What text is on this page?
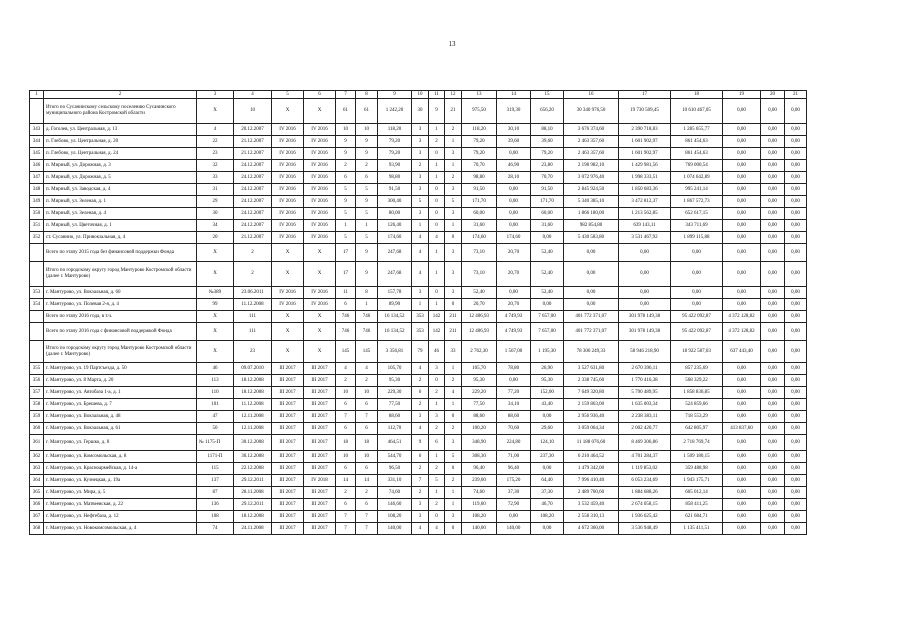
13
1	2	3	4	5	6	7	8	9	10	11	12	13	14	15	16	17	18	19	20	21
	Итого по Сусанинскому сельскому поселению Сусанинского муниципального района Костромской области	X	10	X	X	61	61	1 242,20	30	9	21	975,50	319,30	656,20	30 340 976,50	19 730 509,45	10 610 467,05	0,00	0,00	0,00
343	д. Гоголев, ул. Центральная, д. 13	4	20.12.2007	IV 2016	IV 2016	10	10	118,20	3	1	2	118,20	30,10	88,10	3 676 374,60	2 390 718,83	1 285 655,77	0,00	0,00	0,00
344	п. Глебово, ул. Центральная, д. 20	22	21.12.2007	IV 2016	IV 2016	9	9	79,20	3	2	1	79,20	39,60	39,60	2 463 357,60	1 601 902,97	861 454,63	0,00	0,00	0,00
345	п. Глебово, ул. Центральная, д. 24	23	21.12.2007	IV 2016	IV 2016	9	9	79,20	3	0	3	79,20	0,00	79,20	2 463 357,60	1 601 902,97	861 454,63	0,00	0,00	0,00
346	п. Мирный, ул. Дорожная, д. 3	32	24.12.2007	IV 2016	IV 2016	2	2	93,90	2	1	1	70,70	46,90	23,80	2 198 982,10	1 429 981,56	769 000,54	0,00	0,00	0,00
347	п. Мирный, ул. Дорожная, д. 5	33	24.12.2007	IV 2016	IV 2016	6	6	98,80	3	1	2	98,80	28,10	70,70	3 072 976,40	1 998 333,51	1 074 642,89	0,00	0,00	0,00
348	п. Мирный, ул. Заводская, д. 4	31	24.12.2007	IV 2016	IV 2016	5	5	91,50	3	0	3	91,50	0,00	91,50	2 845 924,50	1 850 683,36	995 241,14	0,00	0,00	0,00
349	п. Мирный, ул. Зеленая, д. 1	29	24.12.2007	IV 2016	IV 2016	9	9	300,40	5	0	5	171,70	0,00	171,70	5 340 385,10	3 472 812,37	1 867 572,73	0,00	0,00	0,00
350	п. Мирный, ул. Зеленая, д. 4	30	24.12.2007	IV 2016	IV 2016	5	5	80,00	3	0	3	60,00	0,00	60,00	1 866 180,00	1 213 562,85	652 617,15	0,00	0,00	0,00
351	п. Мирный, ул. Цветочная, д. 1	34	24.12.2007	IV 2016	IV 2016	1	1	126,40	1	0	1	31,60	0,00	31,60	982 854,80	639 143,11	343 711,69	0,00	0,00	0,00
352	ст. Сусанино, ул. Привокзальная, д. 4	20	21.12.2007	IV 2016	IV 2016	5	5	174,60	4	4	0	174,60	174,60	0,00	5 430 583,80	3 531 467,92	1 899 115,88	0,00	0,00	0,00
	Всего по этапу 2015 года без финансовой поддержки Фонда	X	2	X	X	17	9	247,68	4	1	3	73,10	20,70	52,40	0,00	0,00	0,00	0,00	0,00	0,00
	Итого по городскому округу город Мантурово Костромской области (далее г. Мантурово)	X	2	X	X	17	9	247,68	4	1	3	73,10	20,70	52,40	0,00	0,00	0,00	0,00	0,00	0,00
353	г. Мантурово, ул. Вокзальная, д. 60	№389	23.06.2011	IV 2016	IV 2016	11	8	157,78	3	0	3	52,40	0,00	52,40	0,00	0,00	0,00	0,00	0,00	0,00
354	г. Мантурово, ул. Полевая 2-я, д. 4	99	11.12.2008	IV 2016	IV 2016	6	1	89,90	1	1	0	20,70	20,70	0,00	0,00	0,00	0,00	0,00	0,00	0,00
	Всего по этапу 2016 года, в т.ч.	X	111	X	X	746	746	16 134,52	353	142	211	12 406,93	4 749,93	7 657,00	401 772 371,07	301 978 149,38	95 422 092,87	4 372 128,82	0,00	0,00
	Всего по этапу 2016 года с финансовой поддержкой Фонда	X	111	X	X	746	746	16 134,52	353	142	211	12 406,93	4 749,93	7 657,00	401 772 371,07	301 978 149,38	95 422 092,87	4 372 128,82	0,00	0,00
	Итого по городскому округу город Мантурово Костромской области (далее г. Мантурово)	X	23	X	X	145	145	3 356,81	79	46	33	2 762,30	1 567,00	1 195,30	78 306 249,33	58 946 218,90	18 922 587,03	637 443,40	0,00	0,00
355	г. Мантурово, ул. 19 Партсъезда, д. 50	46	09.07.2010	III 2017	III 2017	4	4	105,70	4	3	1	105,70	78,80	26,90	3 527 631,80	2 670 396,11	857 235,69	0,00	0,00	0,00
356	г. Мантурово, ул. 8 Марта, д. 20	113	18.12.2008	III 2017	III 2017	2	2	95,30	2	0	2	95,30	0,00	95,30	2 338 745,60	1 770 416,38	568 329,22	0,00	0,00	0,00
357	г. Мантурово, ул. Автобаза 1-а, д. 1	110	18.12.2008	III 2017	III 2017	10	10	229,30	6	2	4	229,20	77,20	152,00	7 649 320,80	5 790 489,95	1 858 830,85	0,00	0,00	0,00
358	г. Мантурово, ул. Брешева, д. 7	101	11.12.2008	III 2017	III 2017	6	6	77,50	2	1	1	77,50	34,10	43,40	2 159 863,00	1 635 003,34	524 859,66	0,00	0,00	0,00
359	г. Мантурово, ул. Вокзальная, д. 48	47	12.11.2008	III 2017	III 2017	7	7	88,60	3	3	0	88,60	88,60	0,00	2 956 936,40	2 238 383,11	718 553,29	0,00	0,00	0,00
360	г. Мантурово, ул. Вокзальная, д. 61	50	12.11.2008	III 2017	III 2017	6	6	112,70	4	2	2	100,20	70,60	29,60	3 059 064,34	2 002 420,77	642 805,97	413 837,60	0,00	0,00
361	г. Мантурово, ул. Гершко, д. 8	№ 1175-П	30.12.2008	III 2017	III 2017	18	18	464,51	9	6	3	348,90	224,80	124,10	11 188 076,60	8 469 306,86	2 718 769,74	0,00	0,00	0,00
362	г. Мантурово, ул. Комсомольская, д. 8	1171-П	30.12.2008	III 2017	III 2017	10	10	544,70	6	1	5	308,30	71,00	237,30	6 210 464,52	4 701 284,37	1 509 180,15	0,00	0,00	0,00
363	г. Мантурово, ул. Красноармейская, д. 14-а	115	22.12.2008	III 2017	III 2017	6	6	96,50	2	2	0	96,40	96,40	0,00	1 479 342,00	1 119 853,02	359 488,98	0,00	0,00	0,00
364	г. Мантурово, ул. Кузнецкая, д. 19а	137	29.12.2011	III 2017	IV 2018	14	14	331,10	7	5	2	239,60	175,20	64,40	7 996 410,40	6 053 234,69	1 943 175,71	0,00	0,00	0,00
365	г. Мантурово, ул. Мира, д. 5	87	28.11.2008	III 2017	III 2017	2	2	74,60	2	1	1	74,60	37,30	37,30	2 489 700,60	1 884 688,26	605 012,14	0,00	0,00	0,00
366	г. Мантурово, ул. Матвеевская, д. 22	136	29.12.2011	III 2017	III 2017	6	6	146,60	3	2	1	119,60	72,90	46,70	3 532 459,40	2 674 058,15	858 411,25	0,00	0,00	0,00
367	г. Мантурово, ул. Нефтебаза, д. 12	108	18.12.2008	III 2017	III 2017	7	7	108,20	3	0	3	108,20	0,00	108,20	2 558 310,13	1 936 625,42	621 684,71	0,00	0,00	0,00
368	г. Мантурово, ул. Новокомсомольская, д. 4	74	24.11.2008	III 2017	III 2017	7	7	140,00	4	4	0	140,00	140,00	0,00	4 672 360,00	3 536 948,49	1 135 411,51	0,00	0,00	0,00
